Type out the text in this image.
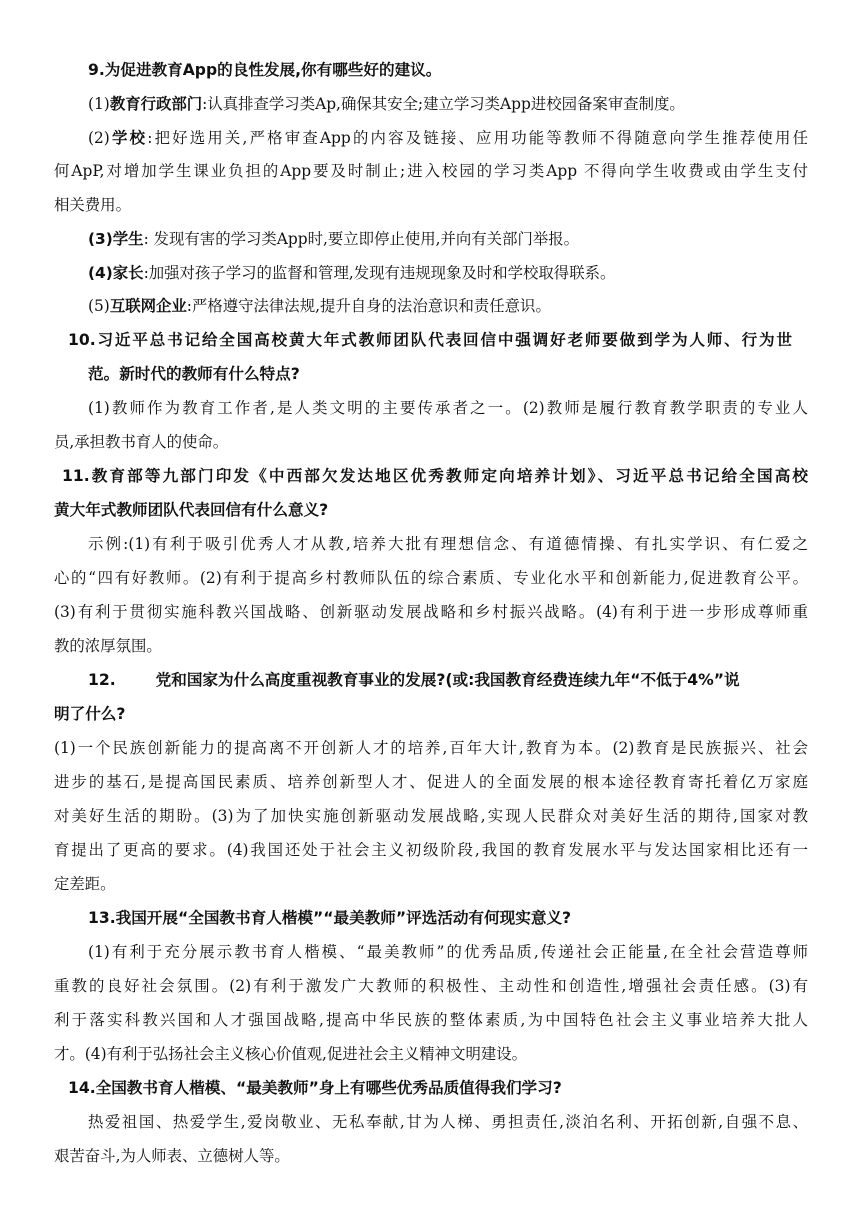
9.为促进教育App的良性发展,你有哪些好的建议。
(1)教育行政部门:认真排查学习类Ap,确保其安全;建立学习类App进校园备案审查制度。
(2)学校:把好选用关,严格审查App的内容及链接、应用功能等教师不得随意向学生推荐使用任
何ApP,对增加学生课业负担的App要及时制止;进入校园的学习类App 不得向学生收费或由学生支付
相关费用。
(3)学生: 发现有害的学习类App时,要立即停止使用,并向有关部门举报。
(4)家长:加强对孩子学习的监督和管理,发现有违规现象及时和学校取得联系。
(5)互联网企业:严格遵守法律法规,提升自身的法治意识和责任意识。
10.习近平总书记给全国高校黄大年式教师团队代表回信中强调好老师要做到学为人师、行为世
范。新时代的教师有什么特点?
(1)教师作为教育工作者,是人类文明的主要传承者之一。(2)教师是履行教育教学职责的专业人
员,承担教书育人的使命。
11.教育部等九部门印发《中西部欠发达地区优秀教师定向培养计划》、习近平总书记给全国高校
黄大年式教师团队代表回信有什么意义?
示例:(1)有利于吸引优秀人才从教,培养大批有理想信念、有道德情操、有扎实学识、有仁爱之
心的“四有好教师。(2)有利于提高乡村教师队伍的综合素质、专业化水平和创新能力,促进教育公平。
(3)有利于贯彻实施科教兴国战略、创新驱动发展战略和乡村振兴战略。(4)有利于进一步形成尊师重
教的浓厚氛围。
12.	党和国家为什么高度重视教育事业的发展?(或:我国教育经费连续九年“不低于4%”说
明了什么?
(1)一个民族创新能力的提高离不开创新人才的培养,百年大计,教育为本。(2)教育是民族振兴、社会
进步的基石,是提高国民素质、培养创新型人才、促进人的全面发展的根本途径教育寄托着亿万家庭
对美好生活的期盼。(3)为了加快实施创新驱动发展战略,实现人民群众对美好生活的期待,国家对教
育提出了更高的要求。(4)我国还处于社会主义初级阶段,我国的教育发展水平与发达国家相比还有一
定差距。
13.我国开展“全国教书育人楷模”“最美教师”评选活动有何现实意义?
(1)有利于充分展示教书育人楷模、“最美教师”的优秀品质,传递社会正能量,在全社会营造尊师
重教的良好社会氛围。(2)有利于激发广大教师的积极性、主动性和创造性,增强社会责任感。(3)有
利于落实科教兴国和人才强国战略,提高中华民族的整体素质,为中国特色社会主义事业培养大批人
才。(4)有利于弘扬社会主义核心价值观,促进社会主义精神文明建设。
14.全国教书育人楷模、“最美教师”身上有哪些优秀品质值得我们学习?
热爱祖国、热爱学生,爱岗敬业、无私奉献,甘为人梯、勇担责任,淡泊名利、开拓创新,自强不息、
艰苦奋斗,为人师表、立德树人等。
